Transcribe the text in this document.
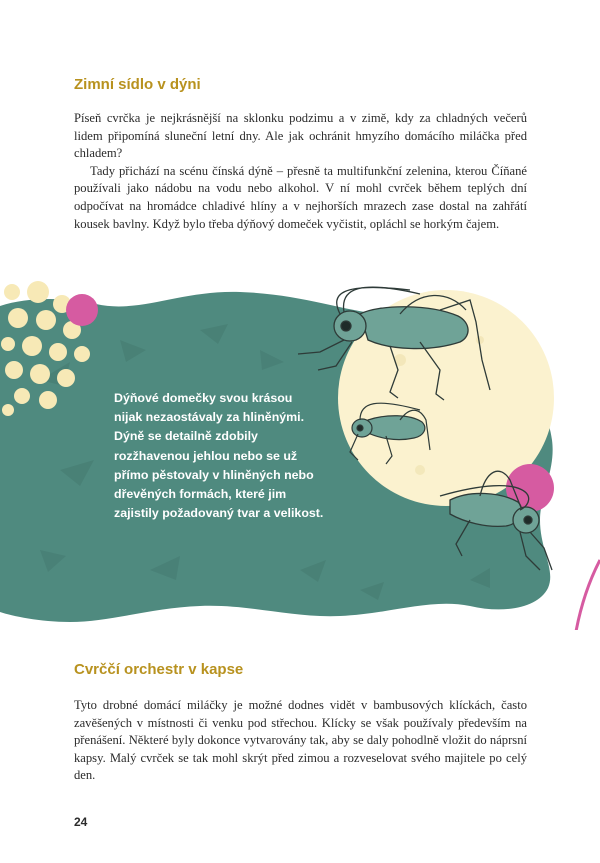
Zimní sídlo v dýni

Píseň cvrčka je nejkrásnější na sklonku podzimu a v zimě, kdy za chladných večerů lidem připomíná sluneční letní dny. Ale jak ochránit hmyzího domácího miláčka před chladem?

Tady přichází na scénu čínská dýně – přesně ta multifunkční zelenina, kterou Číňané používali jako nádobu na vodu nebo alkohol. V ní mohl cvrček během teplých dní odpočívat na hromádce chladivé hlíny a v nejhorších mrazech zase dostal na zahřátí kousek bavlny. Když bylo třeba dýňový domeček vyčistit, opláchl se horkým čajem.

Dýňové domečky svou krásou nijak nezaostávaly za hliněnými. Dýně se detailně zdobily rozžhavenou jehlou nebo se už přímo pěstovaly v hliněných nebo dřevěných formách, které jim zajistily požadovaný tvar a velikost.

Cvrččí orchestr v kapse

Tyto drobné domácí miláčky je možné dodnes vidět v bambusových klíckách, často zavěšených v místnosti či venku pod střechou. Klícky se však používaly především na přenášení. Některé byly dokonce vytvarovány tak, aby se daly pohodlně vložit do náprsní kapsy. Malý cvrček se tak mohl skrýt před zimou a rozveselovat svého majitele po celý den.

24
